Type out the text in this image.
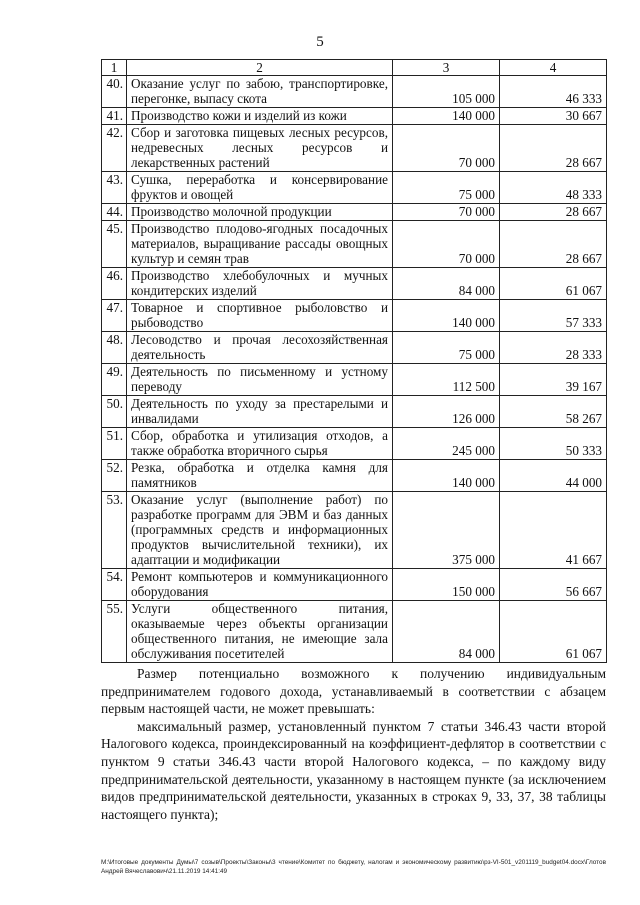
5
1	2	3	4
40.	Оказание услуг по забою, транспортировке, перегонке, выпасу скота	105 000	46 333
41.	Производство кожи и изделий из кожи	140 000	30 667
42.	Сбор и заготовка пищевых лесных ресурсов, недревесных лесных ресурсов и лекарственных растений	70 000	28 667
43.	Сушка, переработка и консервирование фруктов и овощей	75 000	48 333
44.	Производство молочной продукции	70 000	28 667
45.	Производство плодово-ягодных посадочных материалов, выращивание рассады овощных культур и семян трав	70 000	28 667
46.	Производство хлебобулочных и мучных кондитерских изделий	84 000	61 067
47.	Товарное и спортивное рыболовство и рыбоводство	140 000	57 333
48.	Лесоводство и прочая лесохозяйственная деятельность	75 000	28 333
49.	Деятельность по письменному и устному переводу	112 500	39 167
50.	Деятельность по уходу за престарелыми и инвалидами	126 000	58 267
51.	Сбор, обработка и утилизация отходов, а также обработка вторичного сырья	245 000	50 333
52.	Резка, обработка и отделка камня для памятников	140 000	44 000
53.	Оказание услуг (выполнение работ) по разработке программ для ЭВМ и баз данных (программных средств и информационных продуктов вычислительной техники), их адаптации и модификации	375 000	41 667
54.	Ремонт компьютеров и коммуникационного оборудования	150 000	56 667
55.	Услуги общественного питания, оказываемые через объекты организации общественного питания, не имеющие зала обслуживания посетителей	84 000	61 067
Размер потенциально возможного к получению индивидуальным предпринимателем годового дохода, устанавливаемый в соответствии с абзацем первым настоящей части, не может превышать:
максимальный размер, установленный пунктом 7 статьи 346.43 части второй Налогового кодекса, проиндексированный на коэффициент-дефлятор в соответствии с пунктом 9 статьи 346.43 части второй Налогового кодекса, – по каждому виду предпринимательской деятельности, указанному в настоящем пункте (за исключением видов предпринимательской деятельности, указанных в строках 9, 33, 37, 38 таблицы настоящего пункта);
М:\Итоговые документы Думы\7 созыв\Проекты\Законы\3 чтение\Комитет по бюджету, налогам и экономическому развитию\рз-VI-501_v201119_budget04.docx\Глотов Андрей Вячеславович\21.11.2019 14:41:49
